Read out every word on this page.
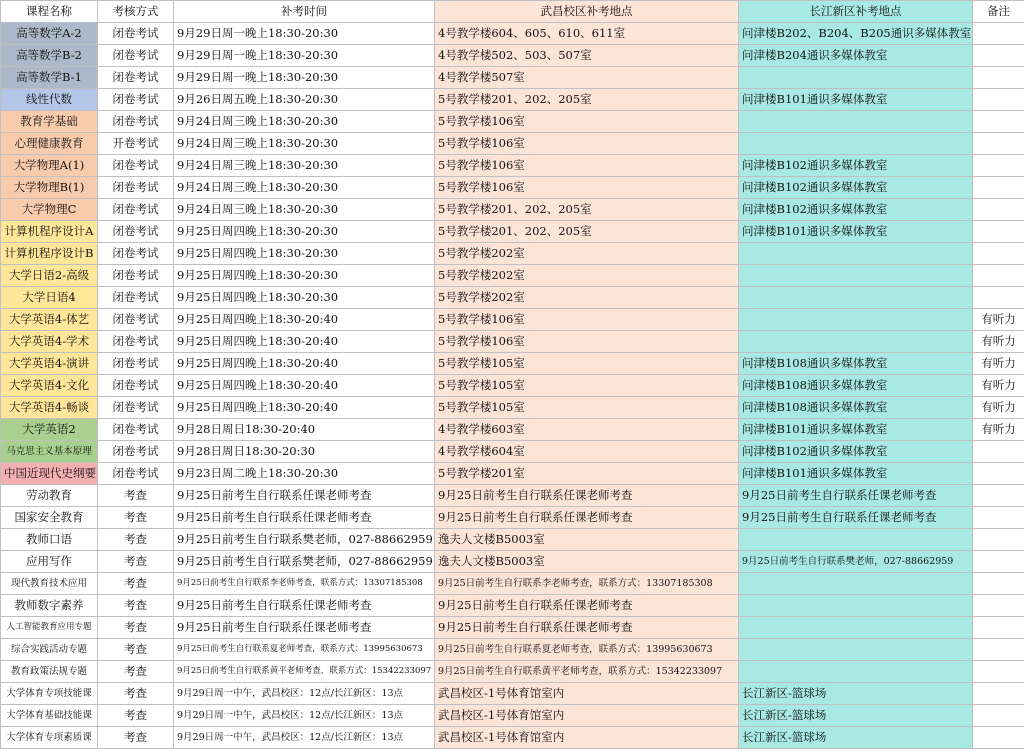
课程名称	考核方式	补考时间	武昌校区补考地点	长江新区补考地点	备注
高等数学A-2	闭卷考试	9月29日周一晚上18:30-20:30	4号教学楼604、605、610、611室	问津楼B202、B204、B205通识多媒体教室	
高等数学B-2	闭卷考试	9月29日周一晚上18:30-20:30	4号教学楼502、503、507室	问津楼B204通识多媒体教室	
高等数学B-1	闭卷考试	9月29日周一晚上18:30-20:30	4号教学楼507室		
线性代数	闭卷考试	9月26日周五晚上18:30-20:30	5号教学楼201、202、205室	问津楼B101通识多媒体教室	
教育学基础	闭卷考试	9月24日周三晚上18:30-20:30	5号教学楼106室		
心理健康教育	开卷考试	9月24日周三晚上18:30-20:30	5号教学楼106室		
大学物理A(1)	闭卷考试	9月24日周三晚上18:30-20:30	5号教学楼106室	问津楼B102通识多媒体教室	
大学物理B(1)	闭卷考试	9月24日周三晚上18:30-20:30	5号教学楼106室	问津楼B102通识多媒体教室	
大学物理C	闭卷考试	9月24日周三晚上18:30-20:30	5号教学楼201、202、205室	问津楼B102通识多媒体教室	
计算机程序设计A	闭卷考试	9月25日周四晚上18:30-20:30	5号教学楼201、202、205室	问津楼B101通识多媒体教室	
计算机程序设计B	闭卷考试	9月25日周四晚上18:30-20:30	5号教学楼202室		
大学日语2-高级	闭卷考试	9月25日周四晚上18:30-20:30	5号教学楼202室		
大学日语4	闭卷考试	9月25日周四晚上18:30-20:30	5号教学楼202室		
大学英语4-体艺	闭卷考试	9月25日周四晚上18:30-20:40	5号教学楼106室		有听力
大学英语4-学术	闭卷考试	9月25日周四晚上18:30-20:40	5号教学楼106室		有听力
大学英语4-演讲	闭卷考试	9月25日周四晚上18:30-20:40	5号教学楼105室	问津楼B108通识多媒体教室	有听力
大学英语4-文化	闭卷考试	9月25日周四晚上18:30-20:40	5号教学楼105室	问津楼B108通识多媒体教室	有听力
大学英语4-畅谈	闭卷考试	9月25日周四晚上18:30-20:40	5号教学楼105室	问津楼B108通识多媒体教室	有听力
大学英语2	闭卷考试	9月28日周日18:30-20:40	4号教学楼603室	问津楼B101通识多媒体教室	有听力
马克思主义基本原理	闭卷考试	9月28日周日18:30-20:30	4号教学楼604室	问津楼B102通识多媒体教室	
中国近现代史纲要	闭卷考试	9月23日周二晚上18:30-20:30	5号教学楼201室	问津楼B101通识多媒体教室	
劳动教育	考查	9月25日前考生自行联系任课老师考查	9月25日前考生自行联系任课老师考查	9月25日前考生自行联系任课老师考查	
国家安全教育	考查	9月25日前考生自行联系任课老师考查	9月25日前考生自行联系任课老师考查	9月25日前考生自行联系任课老师考查	
教师口语	考查	9月25日前考生自行联系樊老师，027-88662959	逸夫人文楼B5003室		
应用写作	考查	9月25日前考生自行联系樊老师，027-88662959	逸夫人文楼B5003室	9月25日前考生自行联系樊老师，027-88662959	
现代教育技术应用	考查	9月25日前考生自行联系李老师考查，联系方式：13307185308	9月25日前考生自行联系李老师考查，联系方式：13307185308		
教师数字素养	考查	9月25日前考生自行联系任课老师考查	9月25日前考生自行联系任课老师考查		
人工智能教育应用专题	考查	9月25日前考生自行联系任课老师考查	9月25日前考生自行联系任课老师考查		
综合实践活动专题	考查	9月25日前考生自行联系夏老师考查，联系方式：13995630673	9月25日前考生自行联系夏老师考查，联系方式：13995630673		
教育政策法规专题	考查	9月25日前考生自行联系黄平老师考查，联系方式：15342233097	9月25日前考生自行联系黄平老师考查，联系方式：15342233097		
大学体育专项技能课	考查	9月29日周一中午，武昌校区：12点/长江新区：13点	武昌校区-1号体育馆室内	长江新区-篮球场	
大学体育基础技能课	考查	9月29日周一中午，武昌校区：12点/长江新区：13点	武昌校区-1号体育馆室内	长江新区-篮球场	
大学体育专项素质课	考查	9月29日周一中午，武昌校区：12点/长江新区：13点	武昌校区-1号体育馆室内	长江新区-篮球场	
